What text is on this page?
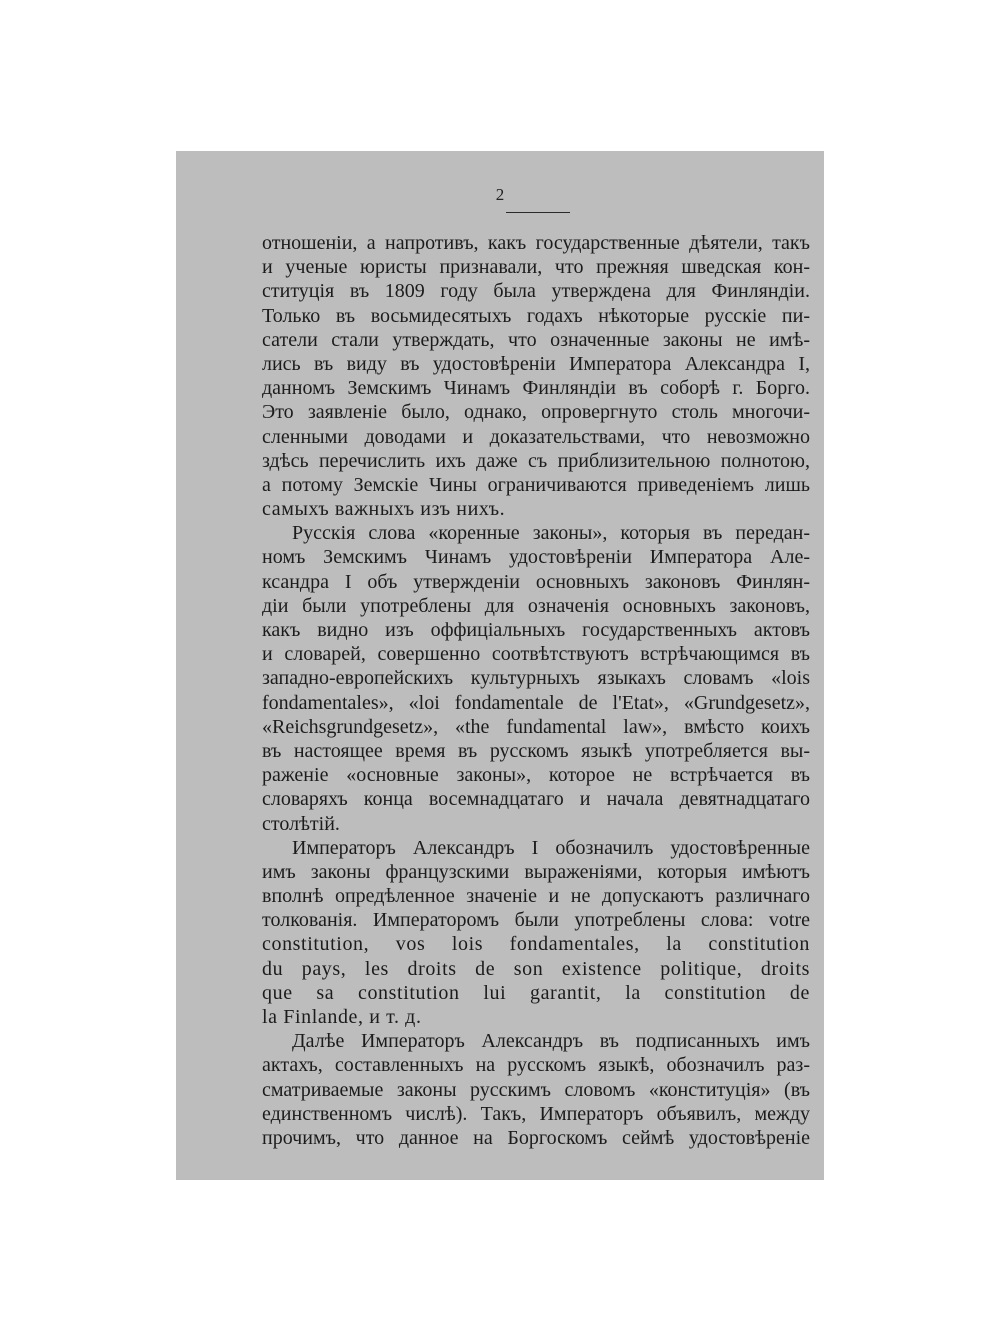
2
отношеніи, а напротивъ, какъ государственные дѣятели, такъ
и ученые юристы признавали, что прежняя шведская кон-
ституція въ 1809 году была утверждена для Финляндіи.
Только въ восьмидесятыхъ годахъ нѣкоторые русскіе пи-
сатели стали утверждать, что означенные законы не имѣ-
лись въ виду въ удостовѣреніи Императора Александра I,
данномъ Земскимъ Чинамъ Финляндіи въ соборѣ г. Борго.
Это заявленіе было, однако, опровергнуто столь многочи-
сленными доводами и доказательствами, что невозможно
здѣсь перечислить ихъ даже съ приблизительною полнотою,
а потому Земскіе Чины ограничиваются приведеніемъ лишь
самыхъ важныхъ изъ нихъ.
Русскія слова «коренные законы», которыя въ передан-
номъ Земскимъ Чинамъ удостовѣреніи Императора Але-
ксандра I объ утвержденіи основныхъ законовъ Финлян-
діи были употреблены для означенія основныхъ законовъ,
какъ видно изъ оффиціальныхъ государственныхъ актовъ
и словарей, совершенно соотвѣтствуютъ встрѣчающимся въ
западно-европейскихъ культурныхъ языкахъ словамъ «lois
fondamentales», «loi fondamentale de l'Etat», «Grundgesetz»,
«Reichsgrundgesetz», «the fundamental law», вмѣсто коихъ
въ настоящее время въ русскомъ языкѣ употребляется вы-
раженіе «основные законы», которое не встрѣчается въ
словаряхъ конца восемнадцатаго и начала девятнадцатаго
столѣтій.
Императоръ Александръ I обозначилъ удостовѣренные
имъ законы французскими выраженіями, которыя имѣютъ
вполнѣ опредѣленное значеніе и не допускаютъ различнаго
толкованія. Императоромъ были употреблены слова: votre
constitution, vos lois fondamentales, la constitution
du pays, les droits de son existence politique, droits
que sa constitution lui garantit, la constitution de
la Finlande, и т. д.
Далѣе Императоръ Александръ въ подписанныхъ имъ
актахъ, составленныхъ на русскомъ языкѣ, обозначилъ раз-
сматриваемые законы русскимъ словомъ «конституція» (въ
единственномъ числѣ). Такъ, Императоръ объявилъ, между
прочимъ, что данное на Боргоскомъ сеймѣ удостовѣреніе
